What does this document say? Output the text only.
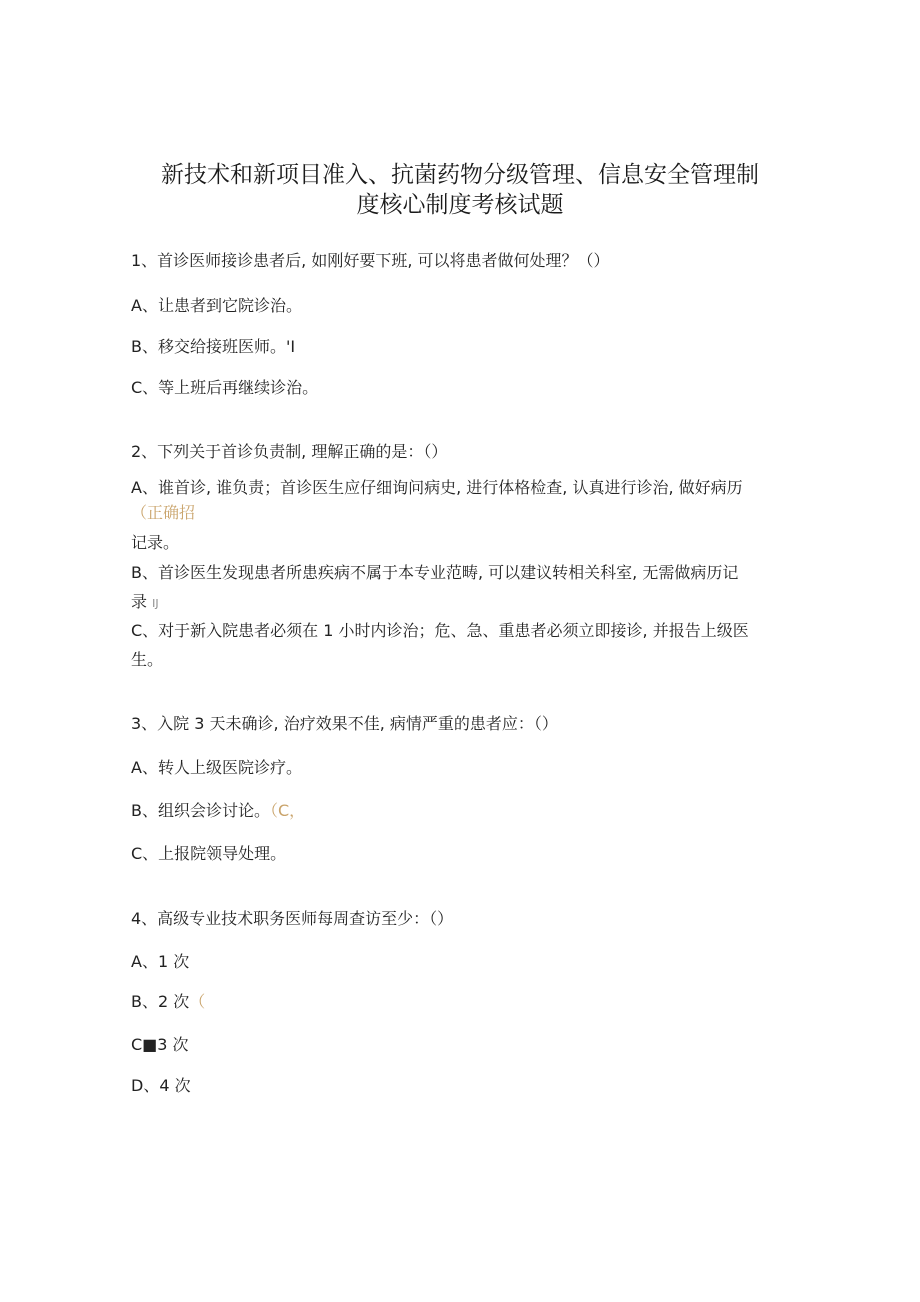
新技术和新项目准入、抗菌药物分级管理、信息安全管理制
度核心制度考核试题
1、首诊医师接诊患者后, 如刚好要下班, 可以将患者做何处理？（）
A、让患者到它院诊治。
B、移交给接班医师。'I
C、等上班后再继续诊治。
2、下列关于首诊负责制, 理解正确的是：（）
A、谁首诊, 谁负责；首诊医生应仔细询问病史, 进行体格检查, 认真进行诊治, 做好病历
（正确招
记录。
B、首诊医生发现患者所患疾病不属于本专业范畴, 可以建议转相关科室, 无需做病历记
录 IJ
C、对于新入院患者必须在 1 小时内诊治；危、急、重患者必须立即接诊, 并报告上级医
生。
3、入院 3 天未确诊, 治疗效果不佳, 病情严重的患者应：（）
A、转人上级医院诊疗。
B、组织会诊讨论。（C，
C、上报院领导处理。
4、高级专业技术职务医师每周查访至少：（）
A、1 次
B、2 次（
C■3 次
D、4 次
